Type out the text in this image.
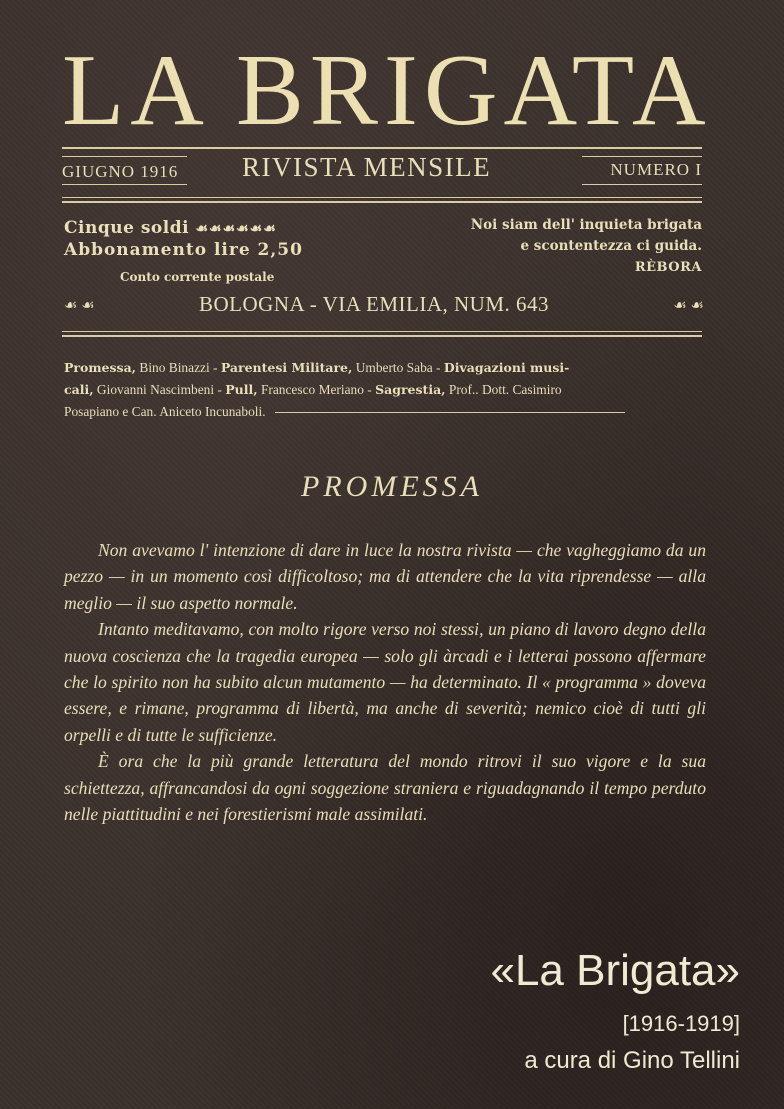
LA BRIGATA
GIUGNO 1916 RIVISTA MENSILE	NUMERO I
Cinque soldi ☙☙☙☙☙☙
Abbonamento lire 2,50
Conto corrente postale
Noi siam dell' inquieta brigata
e scontentezza ci guida.
RÈBORA
☙ ☙	BOLOGNA - VIA EMILIA, NUM. 643	☙ ☙
Promessa, Bino Binazzi - Parentesi Militare, Umberto Saba - Divagazioni musi-
cali, Giovanni Nascimbeni - Pull, Francesco Meriano - Sagrestia, Prof.. Dott. Casimiro
Posapiano e Can. Aniceto Incunaboli.
PROMESSA

Non avevamo l' intenzione di dare in luce la nostra rivista — che vagheggiamo da un pezzo — in un momento così difficoltoso; ma di attendere che la vita riprendesse — alla meglio — il suo aspetto normale.

Intanto meditavamo, con molto rigore verso noi stessi, un piano di lavoro degno della nuova coscienza che la tragedia europea — solo gli àrcadi e i letterai possono affermare che lo spirito non ha subito alcun mutamento — ha determinato. Il « programma » doveva essere, e rimane, programma di libertà, ma anche di severità; nemico cioè di tutti gli orpelli e di tutte le sufficienze.

È ora che la più grande letteratura del mondo ritrovi il suo vigore e la sua schiettezza, affrancandosi da ogni soggezione straniera e riguadagnando il tempo perduto nelle piattitudini e nei forestierismi male assimilati.

«La Brigata»
[1916-1919]
a cura di Gino Tellini
